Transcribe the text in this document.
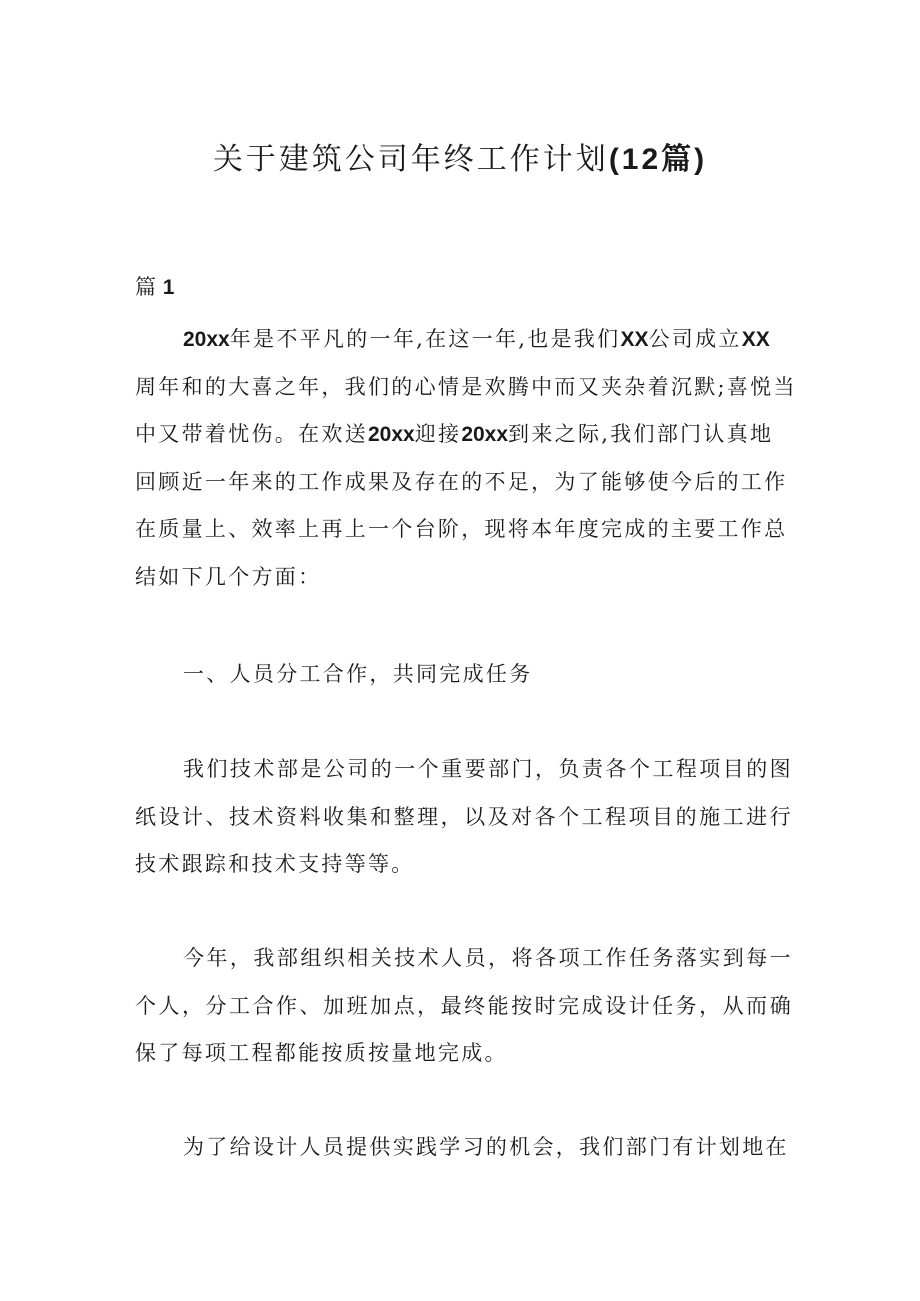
关于建筑公司年终工作计划(12篇)

篇 1

20xx年是不平凡的一年,在这一年,也是我们XX公司成立XX
周年和的大喜之年，我们的心情是欢腾中而又夹杂着沉默;喜悦当
中又带着忧伤。在欢送20xx迎接20xx到来之际,我们部门认真地
回顾近一年来的工作成果及存在的不足，为了能够使今后的工作
在质量上、效率上再上一个台阶，现将本年度完成的主要工作总
结如下几个方面：

一、人员分工合作，共同完成任务

我们技术部是公司的一个重要部门，负责各个工程项目的图纸设计、技术资料收集和整理，以及对各个工程项目的施工进行技术跟踪和技术支持等等。

今年，我部组织相关技术人员，将各项工作任务落实到每一个人，分工合作、加班加点，最终能按时完成设计任务，从而确保了每项工程都能按质按量地完成。

为了给设计人员提供实践学习的机会，我们部门有计划地在
